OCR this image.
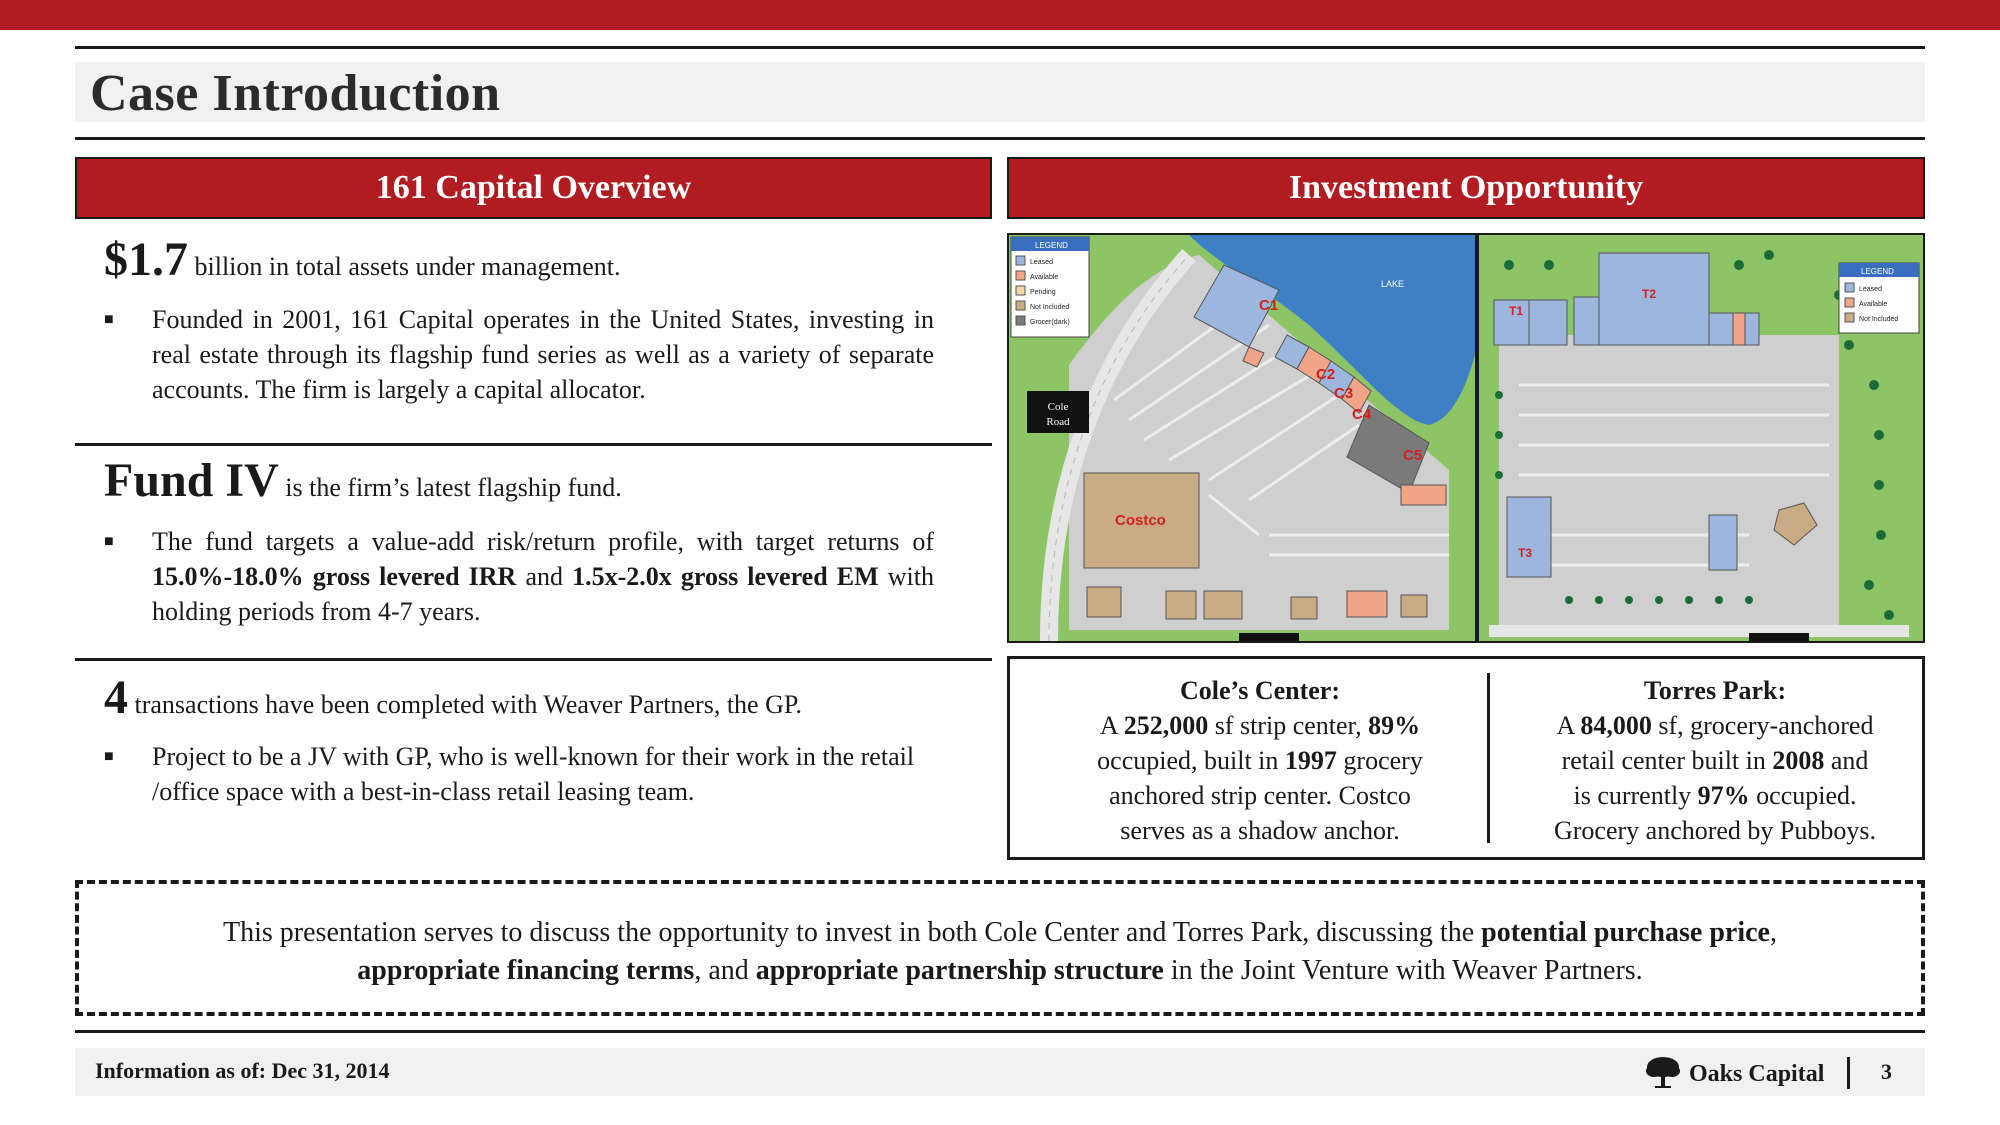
Case Introduction
161 Capital Overview
$1.7 billion in total assets under management.
■	Founded in 2001, 161 Capital operates in the United States, investing in real estate through its flagship fund series as well as a variety of separate accounts. The firm is largely a capital allocator.
Fund IV is the firm’s latest flagship fund.
■	The fund targets a value-add risk/return profile, with target returns of 15.0%-18.0% gross levered IRR and 1.5x-2.0x gross levered EM with holding periods from 4-7 years.
4 transactions have been completed with Weaver Partners, the GP.
■	Project to be a JV with GP, who is well-known for their work in the retail /office space with a best-in-class retail leasing team.
Investment Opportunity
LAKE
C1
C2
C3
C4
C5
Costco
Cole
Road
LEGEND
Leased
Available
Pending
Not Included
Grocer(dark)
T1
T2
T3
LEGEND
Leased
Available
Not Included
Cole’s Center:
A 252,000 sf strip center, 89%
occupied, built in 1997 grocery
anchored strip center. Costco
serves as a shadow anchor.
Torres Park:
A 84,000 sf, grocery-anchored
retail center built in 2008 and
is currently 97% occupied.
Grocery anchored by Pubboys.
This presentation serves to discuss the opportunity to invest in both Cole Center and Torres Park, discussing the potential purchase price,
appropriate financing terms, and appropriate partnership structure in the Joint Venture with Weaver Partners.
Information as of: Dec 31, 2014	Oaks Capital	3
